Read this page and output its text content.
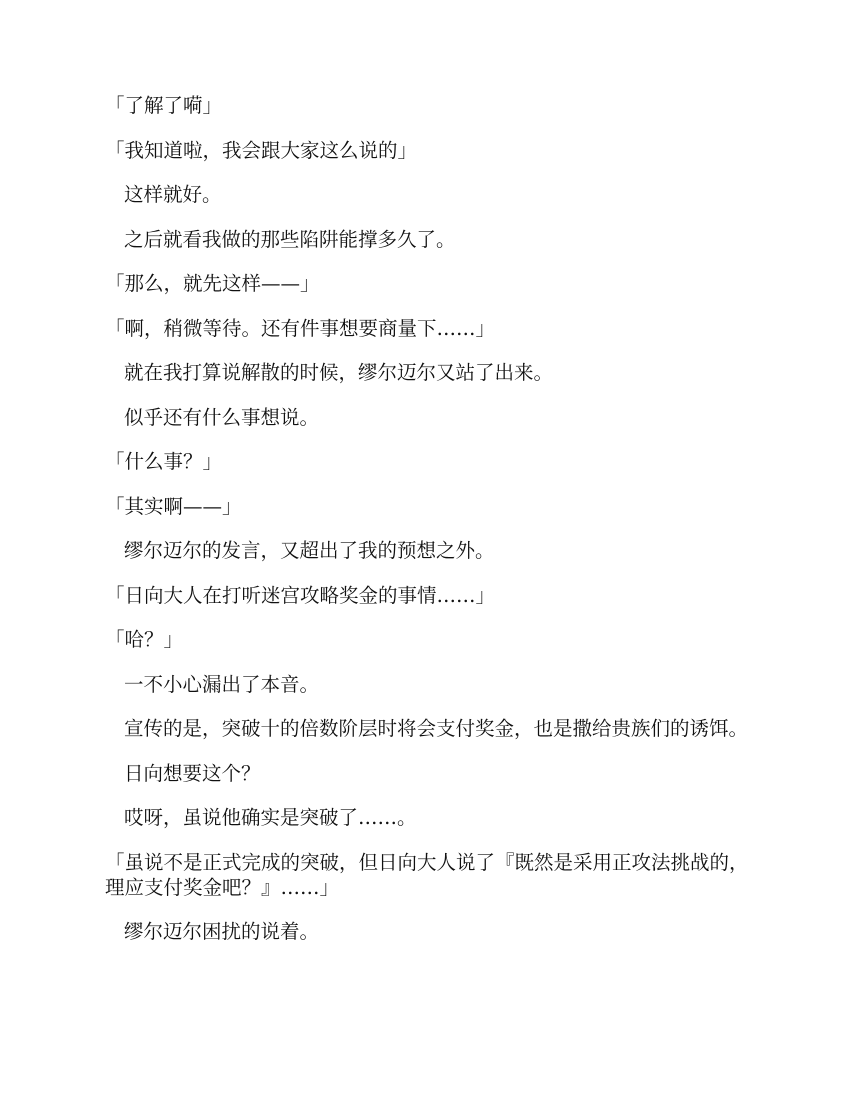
「了解了嗬」

「我知道啦，我会跟大家这么说的」

这样就好。

之后就看我做的那些陷阱能撑多久了。

「那么，就先这样——」

「啊，稍微等待。还有件事想要商量下……」

就在我打算说解散的时候，缪尔迈尔又站了出来。

似乎还有什么事想说。

「什么事？」

「其实啊——」

缪尔迈尔的发言，又超出了我的预想之外。

「日向大人在打听迷宫攻略奖金的事情……」

「哈？」

一不小心漏出了本音。

宣传的是，突破十的倍数阶层时将会支付奖金，也是撒给贵族们的诱饵。

日向想要这个？

哎呀，虽说他确实是突破了……。

「虽说不是正式完成的突破，但日向大人说了『既然是采用正攻法挑战的，理应支付奖金吧？』……」

缪尔迈尔困扰的说着。
